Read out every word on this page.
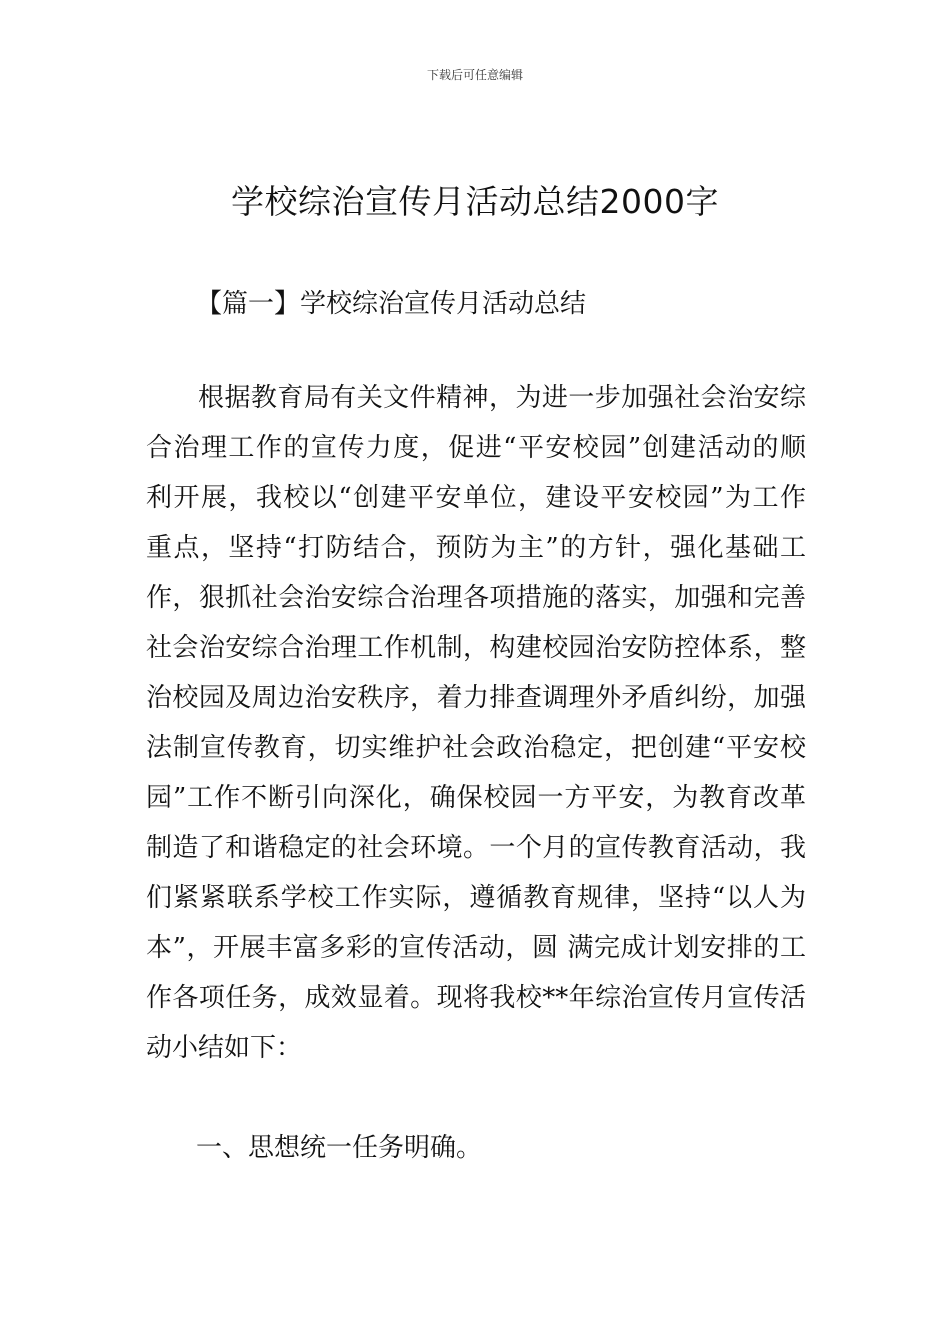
下载后可任意编辑
学校综治宣传月活动总结2000字
【篇一】学校综治宣传月活动总结
根据教育局有关文件精神，为进一步加强社会治安综
合治理工作的宣传力度，促进“平安校园”创建活动的顺
利开展，我校以“创建平安单位，建设平安校园”为工作
重点，坚持“打防结合，预防为主”的方针，强化基础工
作，狠抓社会治安综合治理各项措施的落实，加强和完善
社会治安综合治理工作机制，构建校园治安防控体系，整
治校园及周边治安秩序，着力排查调理外矛盾纠纷，加强
法制宣传教育，切实维护社会政治稳定，把创建“平安校
园”工作不断引向深化，确保校园一方平安，为教育改革
制造了和谐稳定的社会环境。一个月的宣传教育活动，我
们紧紧联系学校工作实际，遵循教育规律，坚持“以人为
本”，开展丰富多彩的宣传活动，圆 满完成计划安排的工
作各项任务，成效显着。现将我校**年综治宣传月宣传活
动小结如下：
一、思想统一任务明确。
